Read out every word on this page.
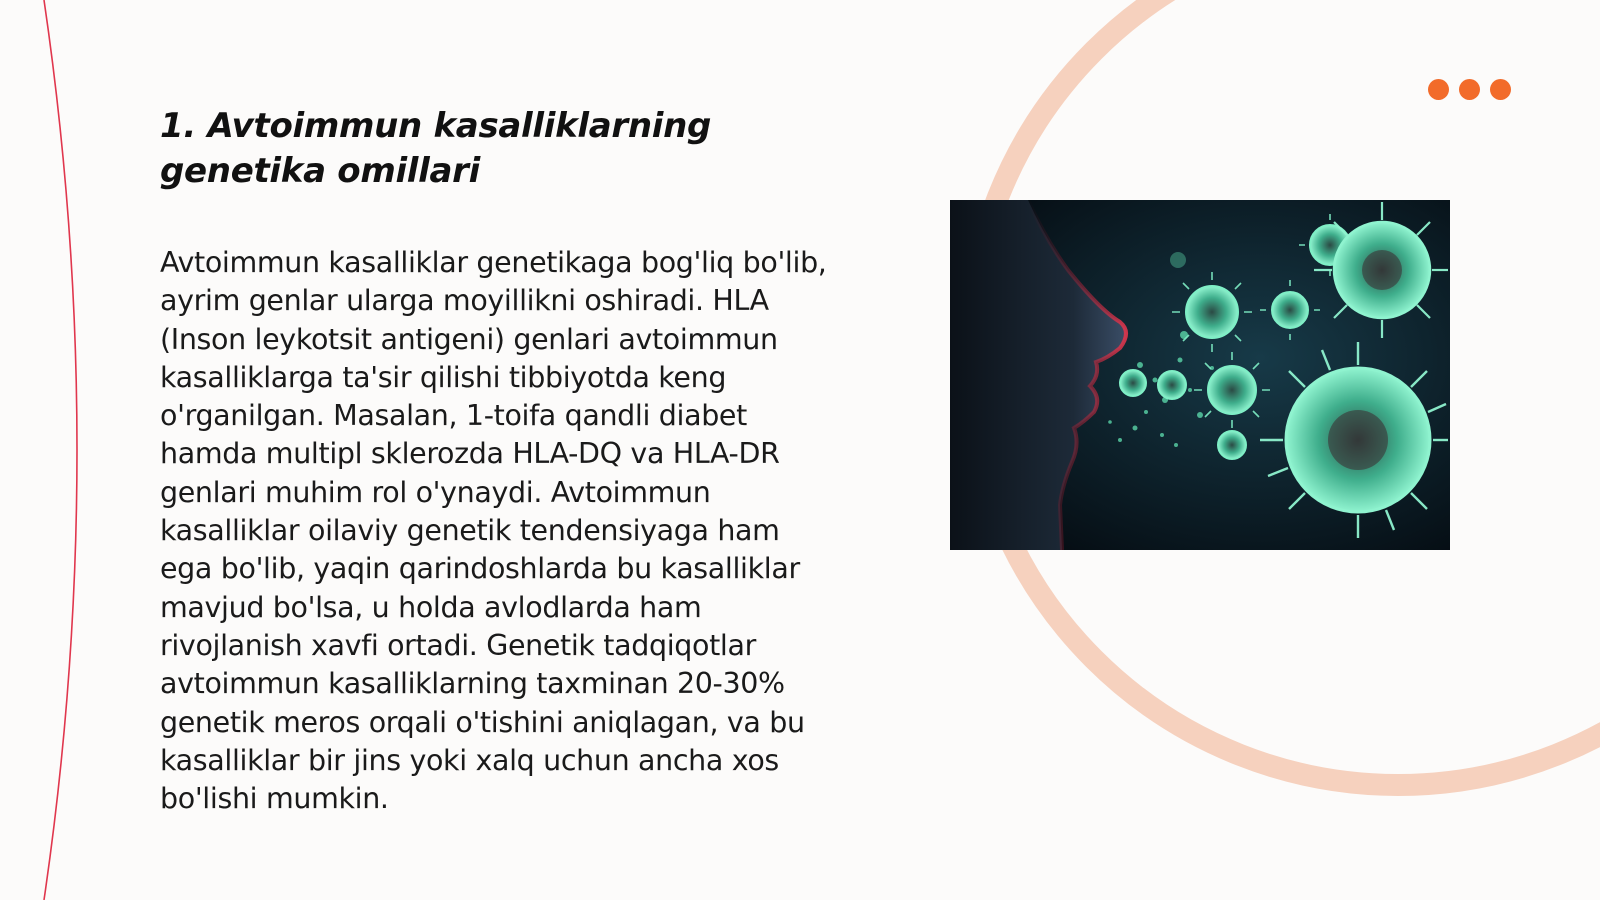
1. Avtoimmun kasalliklarning
genetika omillari

Avtoimmun kasalliklar genetikaga bog'liq bo'lib, ayrim genlar ularga moyillikni oshiradi. HLA (Inson leykotsit antigeni) genlari avtoimmun kasalliklarga ta'sir qilishi tibbiyotda keng o'rganilgan. Masalan, 1-toifa qandli diabet hamda multipl sklerozda HLA-DQ va HLA-DR genlari muhim rol o'ynaydi. Avtoimmun kasalliklar oilaviy genetik tendensiyaga ham ega bo'lib, yaqin qarindoshlarda bu kasalliklar mavjud bo'lsa, u holda avlodlarda ham rivojlanish xavfi ortadi. Genetik tadqiqotlar avtoimmun kasalliklarning taxminan 20-30% genetik meros orqali o'tishini aniqlagan, va bu kasalliklar bir jins yoki xalq uchun ancha xos bo'lishi mumkin.
